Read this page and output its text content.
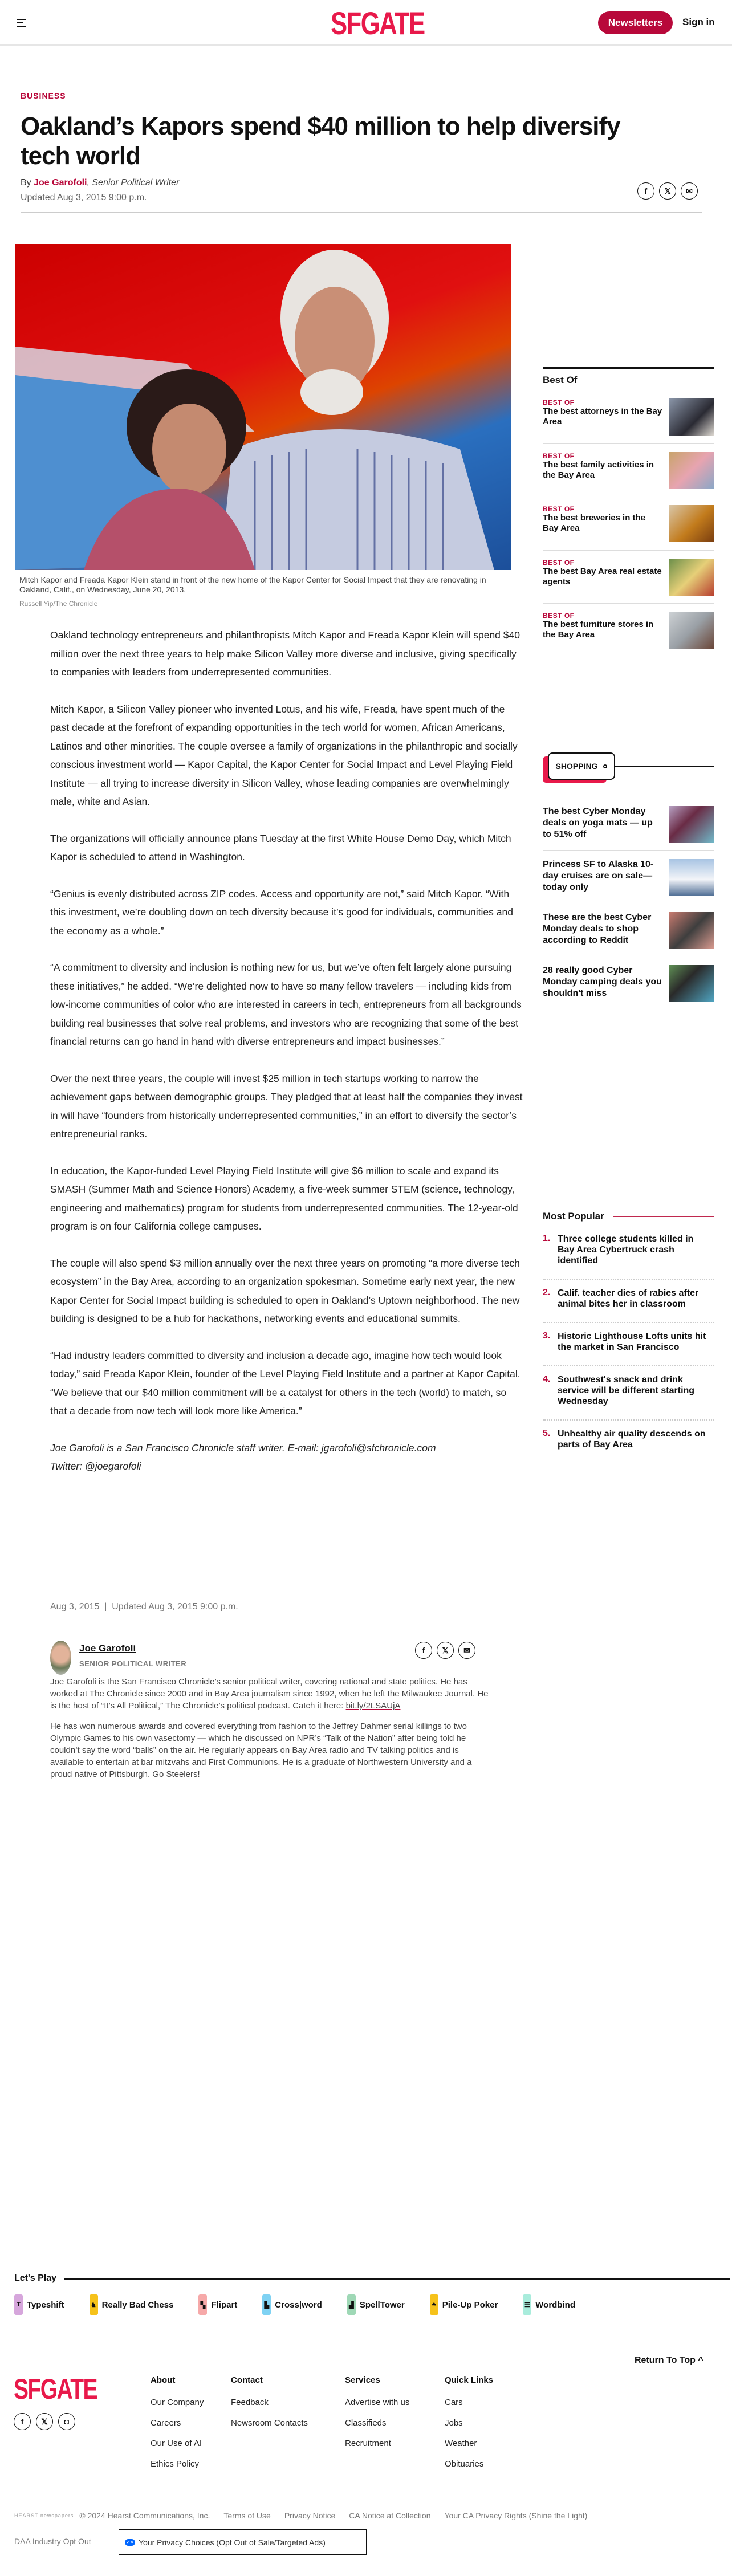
SFGATE	Newsletters	Sign in
BUSINESS
Oakland’s Kapors spend $40 million to help diversify tech world
By Joe Garofoli, Senior Political Writer
Updated Aug 3, 2015 9:00 p.m.
f	𝕏	✉
Mitch Kapor and Freada Kapor Klein stand in front of the new home of the Kapor Center for Social Impact that they are renovating in Oakland, Calif., on Wednesday, June 20, 2013.
Russell Yip/The Chronicle

Oakland technology entrepreneurs and philanthropists Mitch Kapor and Freada Kapor Klein will spend $40 million over the next three years to help make Silicon Valley more diverse and inclusive, giving specifically to companies with leaders from underrepresented communities.

Mitch Kapor, a Silicon Valley pioneer who invented Lotus, and his wife, Freada, have spent much of the past decade at the forefront of expanding opportunities in the tech world for women, African Americans, Latinos and other minorities. The couple oversee a family of organizations in the philanthropic and socially conscious investment world — Kapor Capital, the Kapor Center for Social Impact and Level Playing Field Institute — all trying to increase diversity in Silicon Valley, whose leading companies are overwhelmingly male, white and Asian.

The organizations will officially announce plans Tuesday at the first White House Demo Day, which Mitch Kapor is scheduled to attend in Washington.

“Genius is evenly distributed across ZIP codes. Access and opportunity are not,” said Mitch Kapor. “With this investment, we’re doubling down on tech diversity because it’s good for individuals, communities and the economy as a whole.”

“A commitment to diversity and inclusion is nothing new for us, but we’ve often felt largely alone pursuing these initiatives,” he added. “We’re delighted now to have so many fellow travelers — including kids from low-income communities of color who are interested in careers in tech, entrepreneurs from all backgrounds building real businesses that solve real problems, and investors who are recognizing that some of the best financial returns can go hand in hand with diverse entrepreneurs and impact businesses.”

Over the next three years, the couple will invest $25 million in tech startups working to narrow the achievement gaps between demographic groups. They pledged that at least half the companies they invest in will have “founders from historically underrepresented communities,” in an effort to diversify the sector’s entrepreneurial ranks.

In education, the Kapor-funded Level Playing Field Institute will give $6 million to scale and expand its SMASH (Summer Math and Science Honors) Academy, a five-week summer STEM (science, technology, engineering and mathematics) program for students from underrepresented communities. The 12-year-old program is on four California college campuses.

The couple will also spend $3 million annually over the next three years on promoting “a more diverse tech ecosystem” in the Bay Area, according to an organization spokesman. Sometime early next year, the new Kapor Center for Social Impact building is scheduled to open in Oakland’s Uptown neighborhood. The new building is designed to be a hub for hackathons, networking events and educational summits.

“Had industry leaders committed to diversity and inclusion a decade ago, imagine how tech would look today,” said Freada Kapor Klein, founder of the Level Playing Field Institute and a partner at Kapor Capital. “We believe that our $40 million commitment will be a catalyst for others in the tech (world) to match, so that a decade from now tech will look more like America.”

Joe Garofoli is a San Francisco Chronicle staff writer. E-mail: jgarofoli@sfchronicle.com
Twitter: @joegarofoli

Aug 3, 2015  |  Updated Aug 3, 2015 9:00 p.m.
Joe Garofoli
SENIOR POLITICAL WRITER
f	𝕏	✉

Joe Garofoli is the San Francisco Chronicle’s senior political writer, covering national and state politics. He has worked at The Chronicle since 2000 and in Bay Area journalism since 1992, when he left the Milwaukee Journal. He is the host of “It’s All Political,” The Chronicle’s political podcast. Catch it here: bit.ly/2LSAUjA

He has won numerous awards and covered everything from fashion to the Jeffrey Dahmer serial killings to two Olympic Games to his own vasectomy — which he discussed on NPR’s “Talk of the Nation” after being told he couldn’t say the word “balls” on the air. He regularly appears on Bay Area radio and TV talking politics and is available to entertain at bar mitzvahs and First Communions. He is a graduate of Northwestern University and a proud native of Pittsburgh. Go Steelers!

Best Of
BEST OF
The best attorneys in the Bay Area
BEST OF
The best family activities in the Bay Area
BEST OF
The best breweries in the Bay Area
BEST OF
The best Bay Area real estate agents
BEST OF
The best furniture stores in the Bay Area
SHOPPING
The best Cyber Monday deals on yoga mats — up to 51% off
Princess SF to Alaska 10-day cruises are on sale—today only
These are the best Cyber Monday deals to shop according to Reddit
28 really good Cyber Monday camping deals you shouldn't miss
Most Popular
1. Three college students killed in Bay Area Cybertruck crash identified
2. Calif. teacher dies of rabies after animal bites her in classroom
3. Historic Lighthouse Lofts units hit the market in San Francisco
4. Southwest's snack and drink service will be different starting Wednesday
5. Unhealthy air quality descends on parts of Bay Area
Let's Play
T Typeshift	♞ Really Bad Chess	▚ Flipart	▙ Cross|word	▟ SpellTower	♣ Pile-Up Poker	☰ Wordbind
Return To Top ^
SFGATE
f	𝕏	◘
About
Our Company
Careers
Our Use of AI
Ethics Policy
Contact
Feedback
Newsroom Contacts
Services
Advertise with us
Classifieds
Recruitment
Quick Links
Cars
Jobs
Weather
Obituaries
HEARST newspapers © 2024 Hearst Communications, Inc. Terms of Use Privacy Notice CA Notice at Collection Your CA Privacy Rights (Shine the Light)
DAA Industry Opt Out	✓✕ Your Privacy Choices (Opt Out of Sale/Targeted Ads)
